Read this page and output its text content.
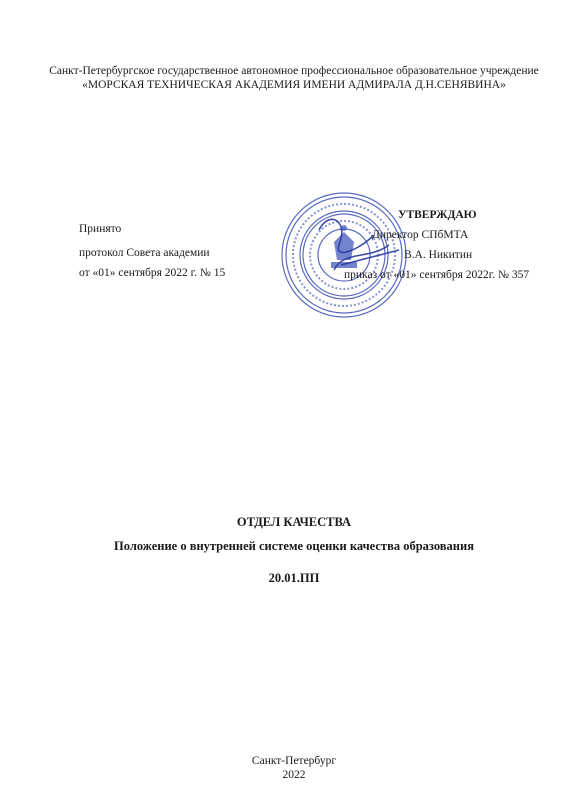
Санкт-Петербургское государственное автономное профессиональное образовательное учреждение
«МОРСКАЯ ТЕХНИЧЕСКАЯ АКАДЕМИЯ ИМЕНИ АДМИРАЛА Д.Н.СЕНЯВИНА»
Принято
протокол Совета академии
от «01» сентября 2022 г. № 15
УТВЕРЖДАЮ
Директор СПбМТА
В.А. Никитин
приказ от «01» сентября 2022г. № 357
ОТДЕЛ КАЧЕСТВА
Положение о внутренней системе оценки качества образования
20.01.ПП
Санкт-Петербург
2022
